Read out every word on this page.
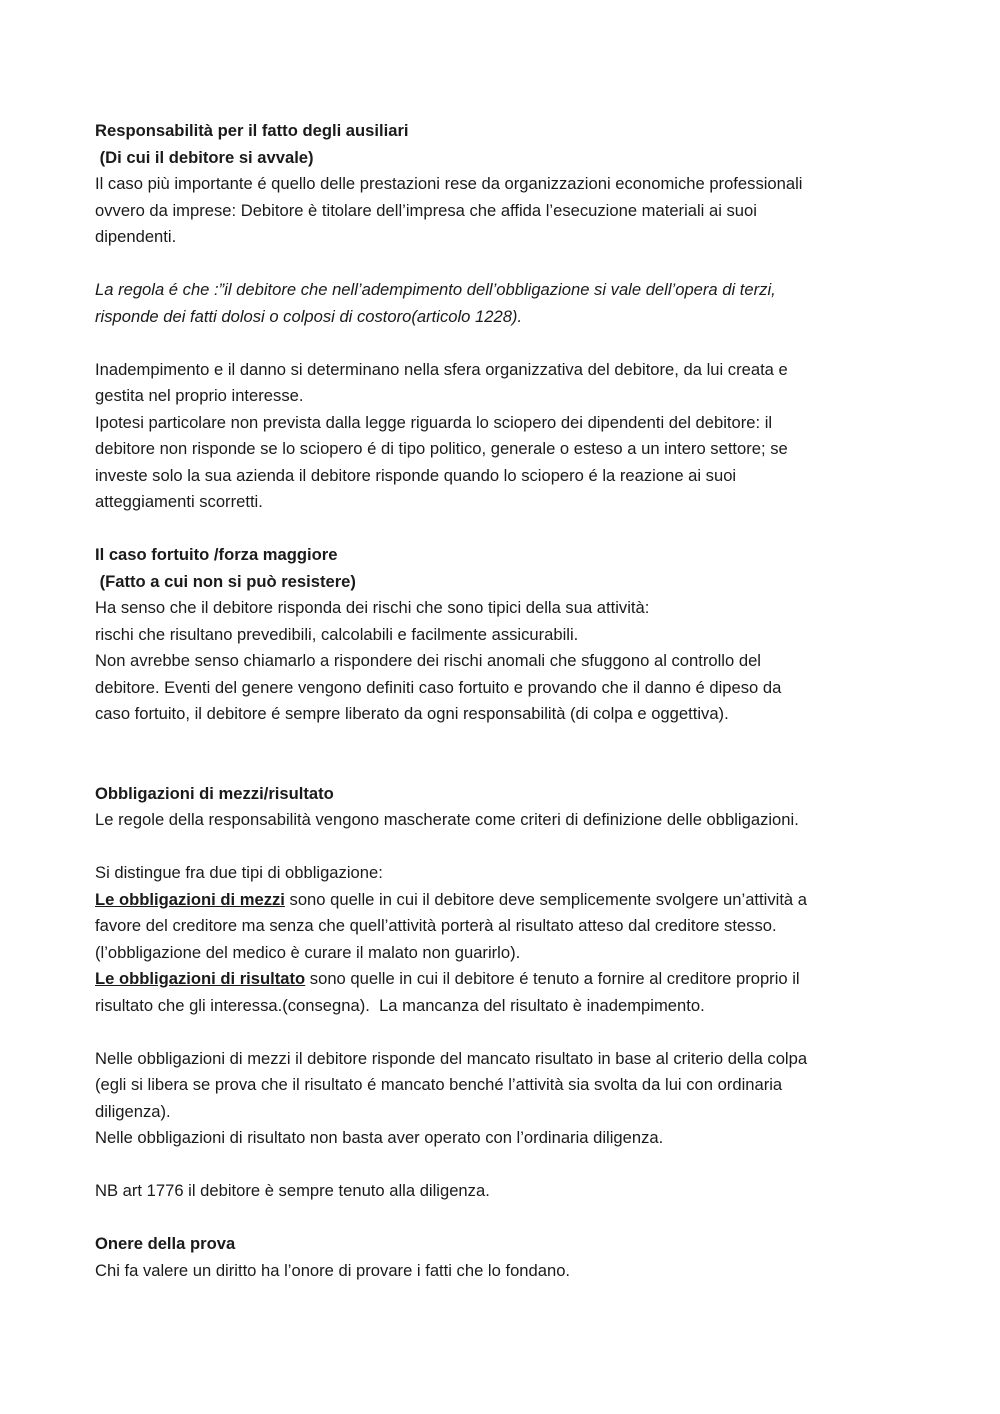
Responsabilità per il fatto degli ausiliari
(Di cui il debitore si avvale)
Il caso più importante é quello delle prestazioni rese da organizzazioni economiche professionali
ovvero da imprese: Debitore è titolare dell’impresa che affida l’esecuzione materiali ai suoi
dipendenti.
La regola é che :”il debitore che nell’adempimento dell’obbligazione si vale dell’opera di terzi,
risponde dei fatti dolosi o colposi di costoro(articolo 1228).
Inadempimento e il danno si determinano nella sfera organizzativa del debitore, da lui creata e
gestita nel proprio interesse.
Ipotesi particolare non prevista dalla legge riguarda lo sciopero dei dipendenti del debitore: il
debitore non risponde se lo sciopero é di tipo politico, generale o esteso a un intero settore; se
investe solo la sua azienda il debitore risponde quando lo sciopero é la reazione ai suoi
atteggiamenti scorretti.
Il caso fortuito /forza maggiore
(Fatto a cui non si può resistere)
Ha senso che il debitore risponda dei rischi che sono tipici della sua attività:
rischi che risultano prevedibili, calcolabili e facilmente assicurabili.
Non avrebbe senso chiamarlo a rispondere dei rischi anomali che sfuggono al controllo del
debitore. Eventi del genere vengono definiti caso fortuito e provando che il danno é dipeso da
caso fortuito, il debitore é sempre liberato da ogni responsabilità (di colpa e oggettiva).
Obbligazioni di mezzi/risultato
Le regole della responsabilità vengono mascherate come criteri di definizione delle obbligazioni.
Si distingue fra due tipi di obbligazione:
Le obbligazioni di mezzi sono quelle in cui il debitore deve semplicemente svolgere un’attività a
favore del creditore ma senza che quell’attività porterà al risultato atteso dal creditore stesso.
(l’obbligazione del medico è curare il malato non guarirlo).
Le obbligazioni di risultato sono quelle in cui il debitore é tenuto a fornire al creditore proprio il
risultato che gli interessa.(consegna).  La mancanza del risultato è inadempimento.
Nelle obbligazioni di mezzi il debitore risponde del mancato risultato in base al criterio della colpa
(egli si libera se prova che il risultato é mancato benché l’attività sia svolta da lui con ordinaria
diligenza).
Nelle obbligazioni di risultato non basta aver operato con l’ordinaria diligenza.
NB art 1776 il debitore è sempre tenuto alla diligenza.
Onere della prova
Chi fa valere un diritto ha l’onore di provare i fatti che lo fondano.
